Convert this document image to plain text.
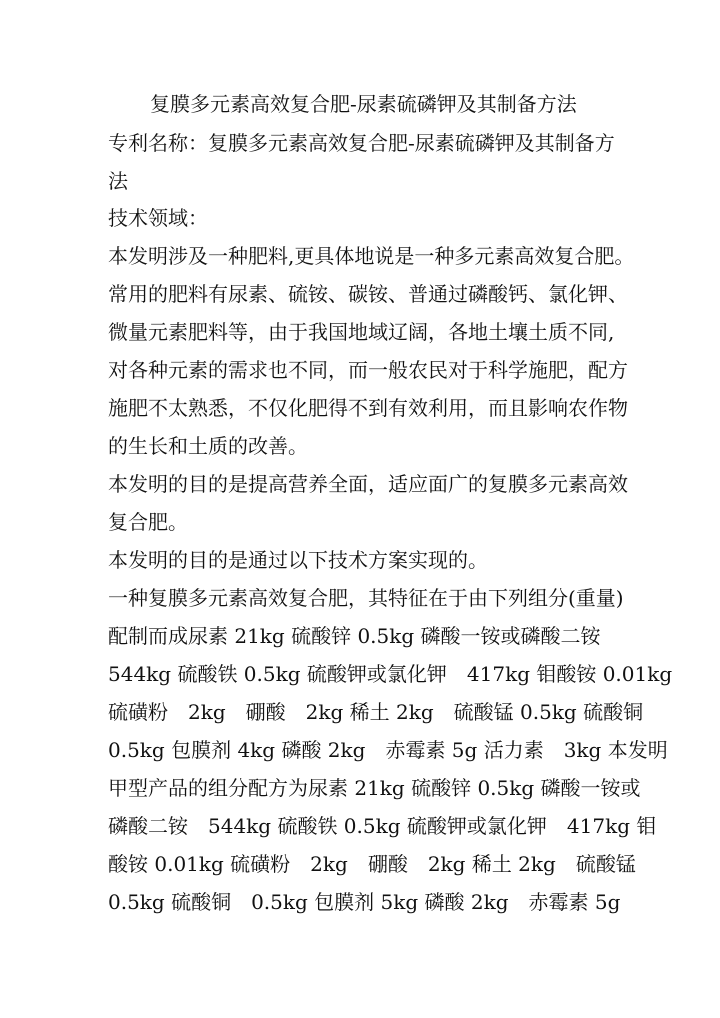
复膜多元素高效复合肥-尿素硫磷钾及其制备方法
专利名称：复膜多元素高效复合肥-尿素硫磷钾及其制备方
法
技术领域：
本发明涉及一种肥料,更具体地说是一种多元素高效复合肥。
常用的肥料有尿素、硫铵、碳铵、普通过磷酸钙、氯化钾、
微量元素肥料等，由于我国地域辽阔，各地土壤土质不同,
对各种元素的需求也不同，而一般农民对于科学施肥，配方
施肥不太熟悉，不仅化肥得不到有效利用，而且影响农作物
的生长和土质的改善。
本发明的目的是提高营养全面，适应面广的复膜多元素高效
复合肥。
本发明的目的是通过以下技术方案实现的。
一种复膜多元素高效复合肥，其特征在于由下列组分(重量)
配制而成尿素 21kg 硫酸锌 0.5kg 磷酸一铵或磷酸二铵
544kg 硫酸铁 0.5kg 硫酸钾或氯化钾　417kg 钼酸铵 0.01kg
硫磺粉　2kg　硼酸　2kg 稀土 2kg　硫酸锰 0.5kg 硫酸铜
0.5kg 包膜剂 4kg 磷酸 2kg　赤霉素 5g 活力素　3kg 本发明
甲型产品的组分配方为尿素 21kg 硫酸锌 0.5kg 磷酸一铵或
磷酸二铵　544kg 硫酸铁 0.5kg 硫酸钾或氯化钾　417kg 钼
酸铵 0.01kg 硫磺粉　2kg　硼酸　2kg 稀土 2kg　硫酸锰
0.5kg 硫酸铜　0.5kg 包膜剂 5kg 磷酸 2kg　赤霉素 5g
